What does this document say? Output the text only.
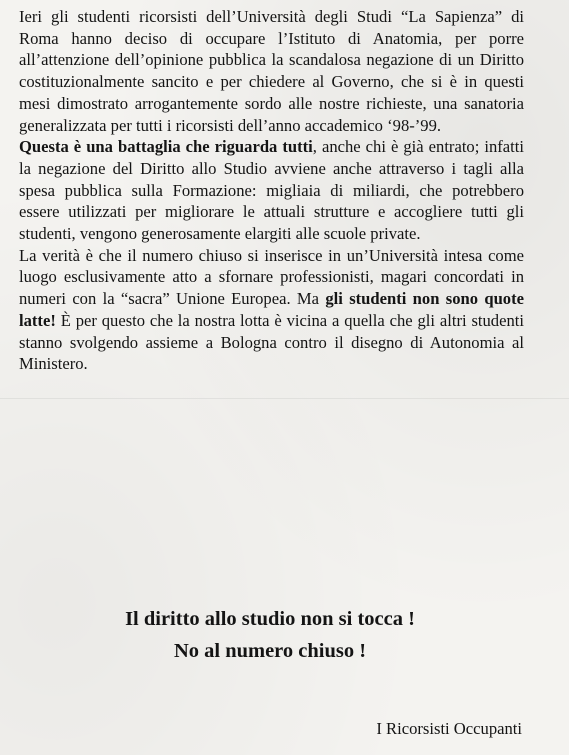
Ieri gli studenti ricorsisti dell’Università degli Studi “La Sapienza” di Roma hanno deciso di occupare l’Istituto di Anatomia, per porre all’attenzione dell’opinione pubblica la scandalosa negazione di un Diritto costituzionalmente sancito e per chiedere al Governo, che si è in questi mesi dimostrato arrogantemente sordo alle nostre richieste, una sanatoria generalizzata per tutti i ricorsisti dell’anno accademico ‘98-’99.

Questa è una battaglia che riguarda tutti, anche chi è già entrato; infatti la negazione del Diritto allo Studio avviene anche attraverso i tagli alla spesa pubblica sulla Formazione: migliaia di miliardi, che potrebbero essere utilizzati per migliorare le attuali strutture e accogliere tutti gli studenti, vengono generosamente elargiti alle scuole private.

La verità è che il numero chiuso si inserisce in un’Università intesa come luogo esclusivamente atto a sfornare professionisti, magari concordati in numeri con la “sacra” Unione Europea. Ma gli studenti non sono quote latte! È per questo che la nostra lotta è vicina a quella che gli altri studenti stanno svolgendo assieme a Bologna contro il disegno di Autonomia al Ministero.

Il diritto allo studio non si tocca !
No al numero chiuso !
I Ricorsisti Occupanti
